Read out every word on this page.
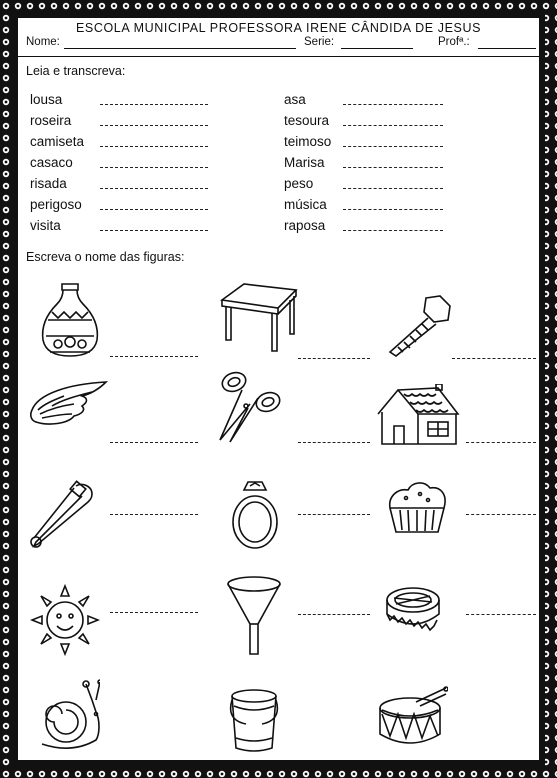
ESCOLA MUNICIPAL PROFESSORA IRENE CÂNDIDA DE JESUS
Nome:	Serie:	Profª.:
Leia e transcreva:
lousa
roseira
camiseta
casaco
risada
perigoso
visita
asa
tesoura
teimoso
Marisa
peso
música
raposa
Escreva o nome das figuras:
